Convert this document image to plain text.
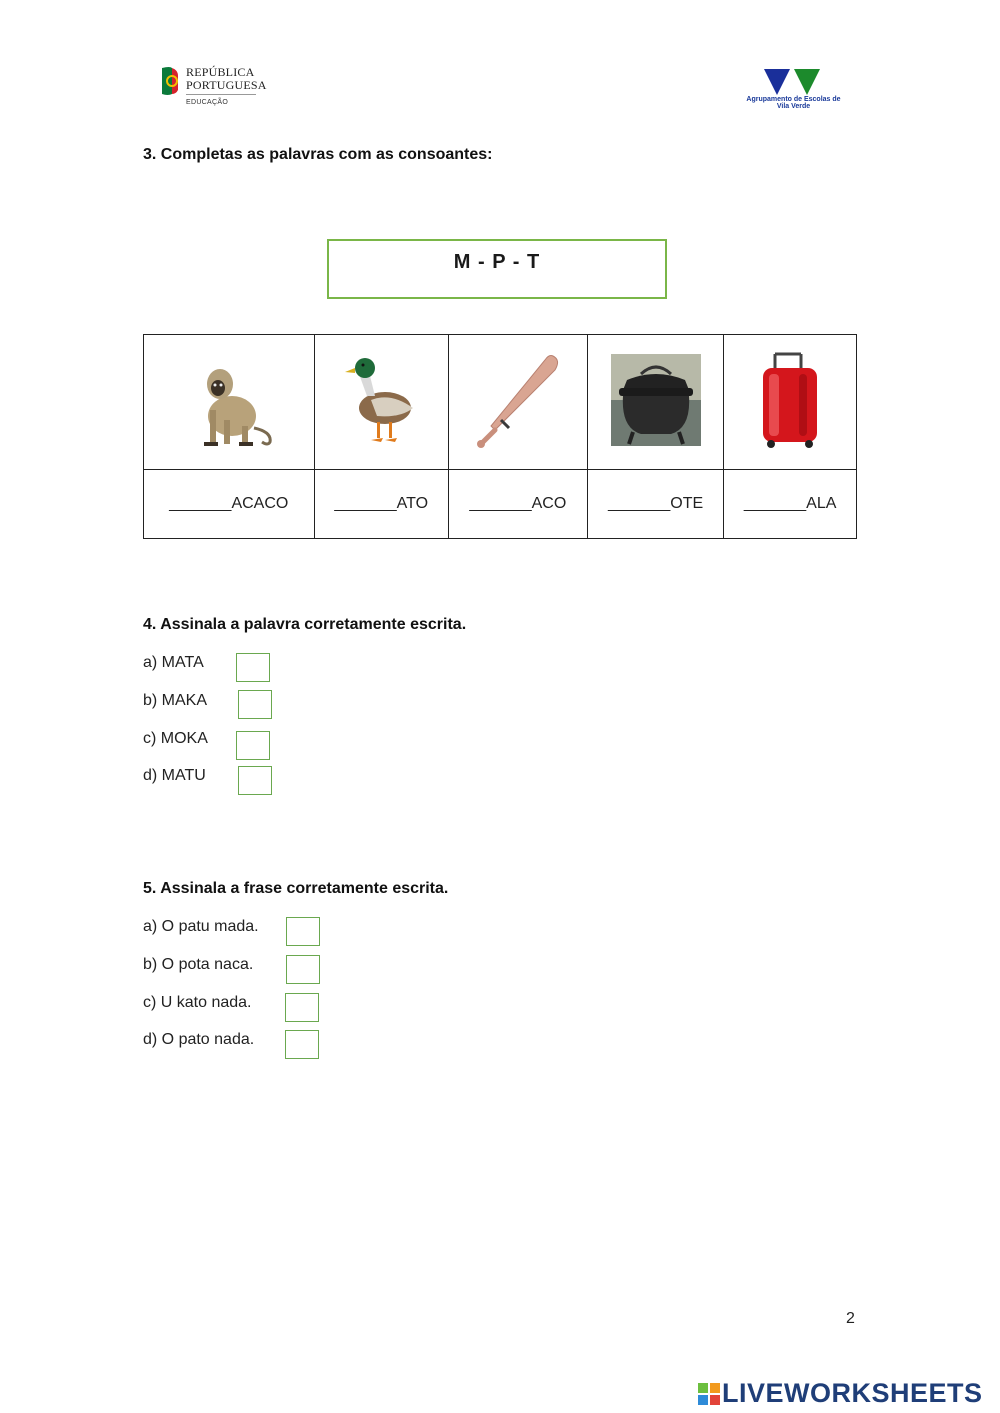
REPÚBLICA
PORTUGUESA
EDUCAÇÃO	Agrupamento de Escolas de
Vila Verde
3. Completas as palavras com as consoantes:
M - P - T

_______ACACO	_______ATO	_______ACO	_______OTE	_______ALA
4. Assinala a palavra corretamente escrita.
a) MATA
b) MAKA
c) MOKA
d) MATU
5. Assinala a frase corretamente escrita.
a) O patu mada.
b) O pota naca.
c) U kato nada.
d) O pato nada.
2
LIVEWORKSHEETS
